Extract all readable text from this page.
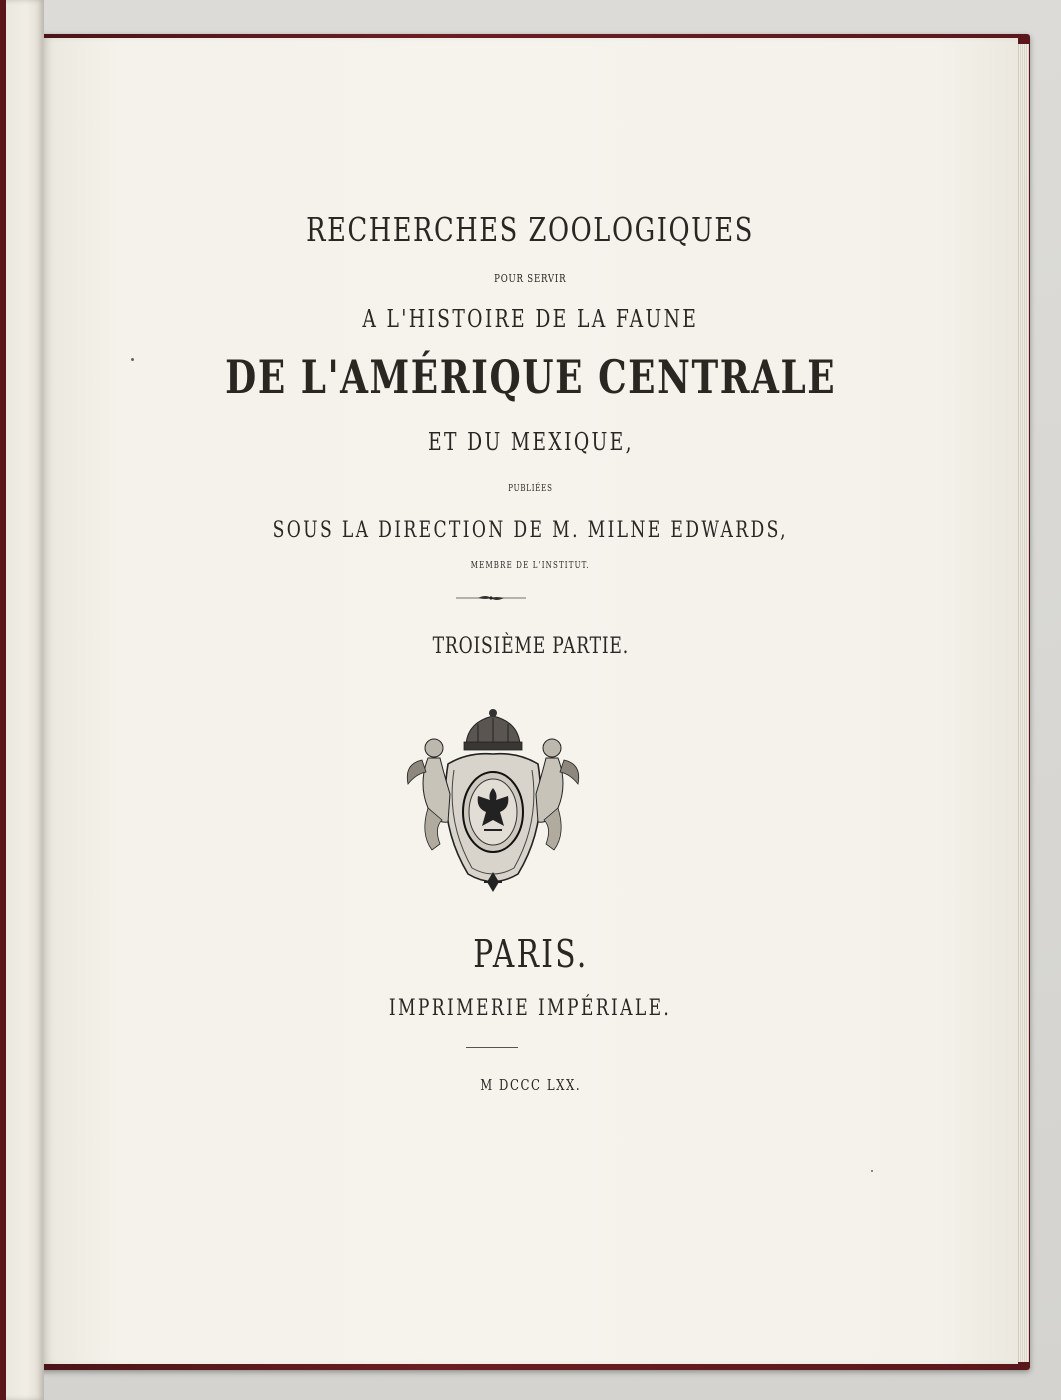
RECHERCHES ZOOLOGIQUES
POUR SERVIR
A L'HISTOIRE DE LA FAUNE
DE L'AMÉRIQUE CENTRALE
ET DU MEXIQUE,
PUBLIÉES
SOUS LA DIRECTION DE M. MILNE EDWARDS,
MEMBRE DE L'INSTITUT.
TROISIÈME PARTIE.
PARIS.
IMPRIMERIE IMPÉRIALE.
M DCCC LXX.
